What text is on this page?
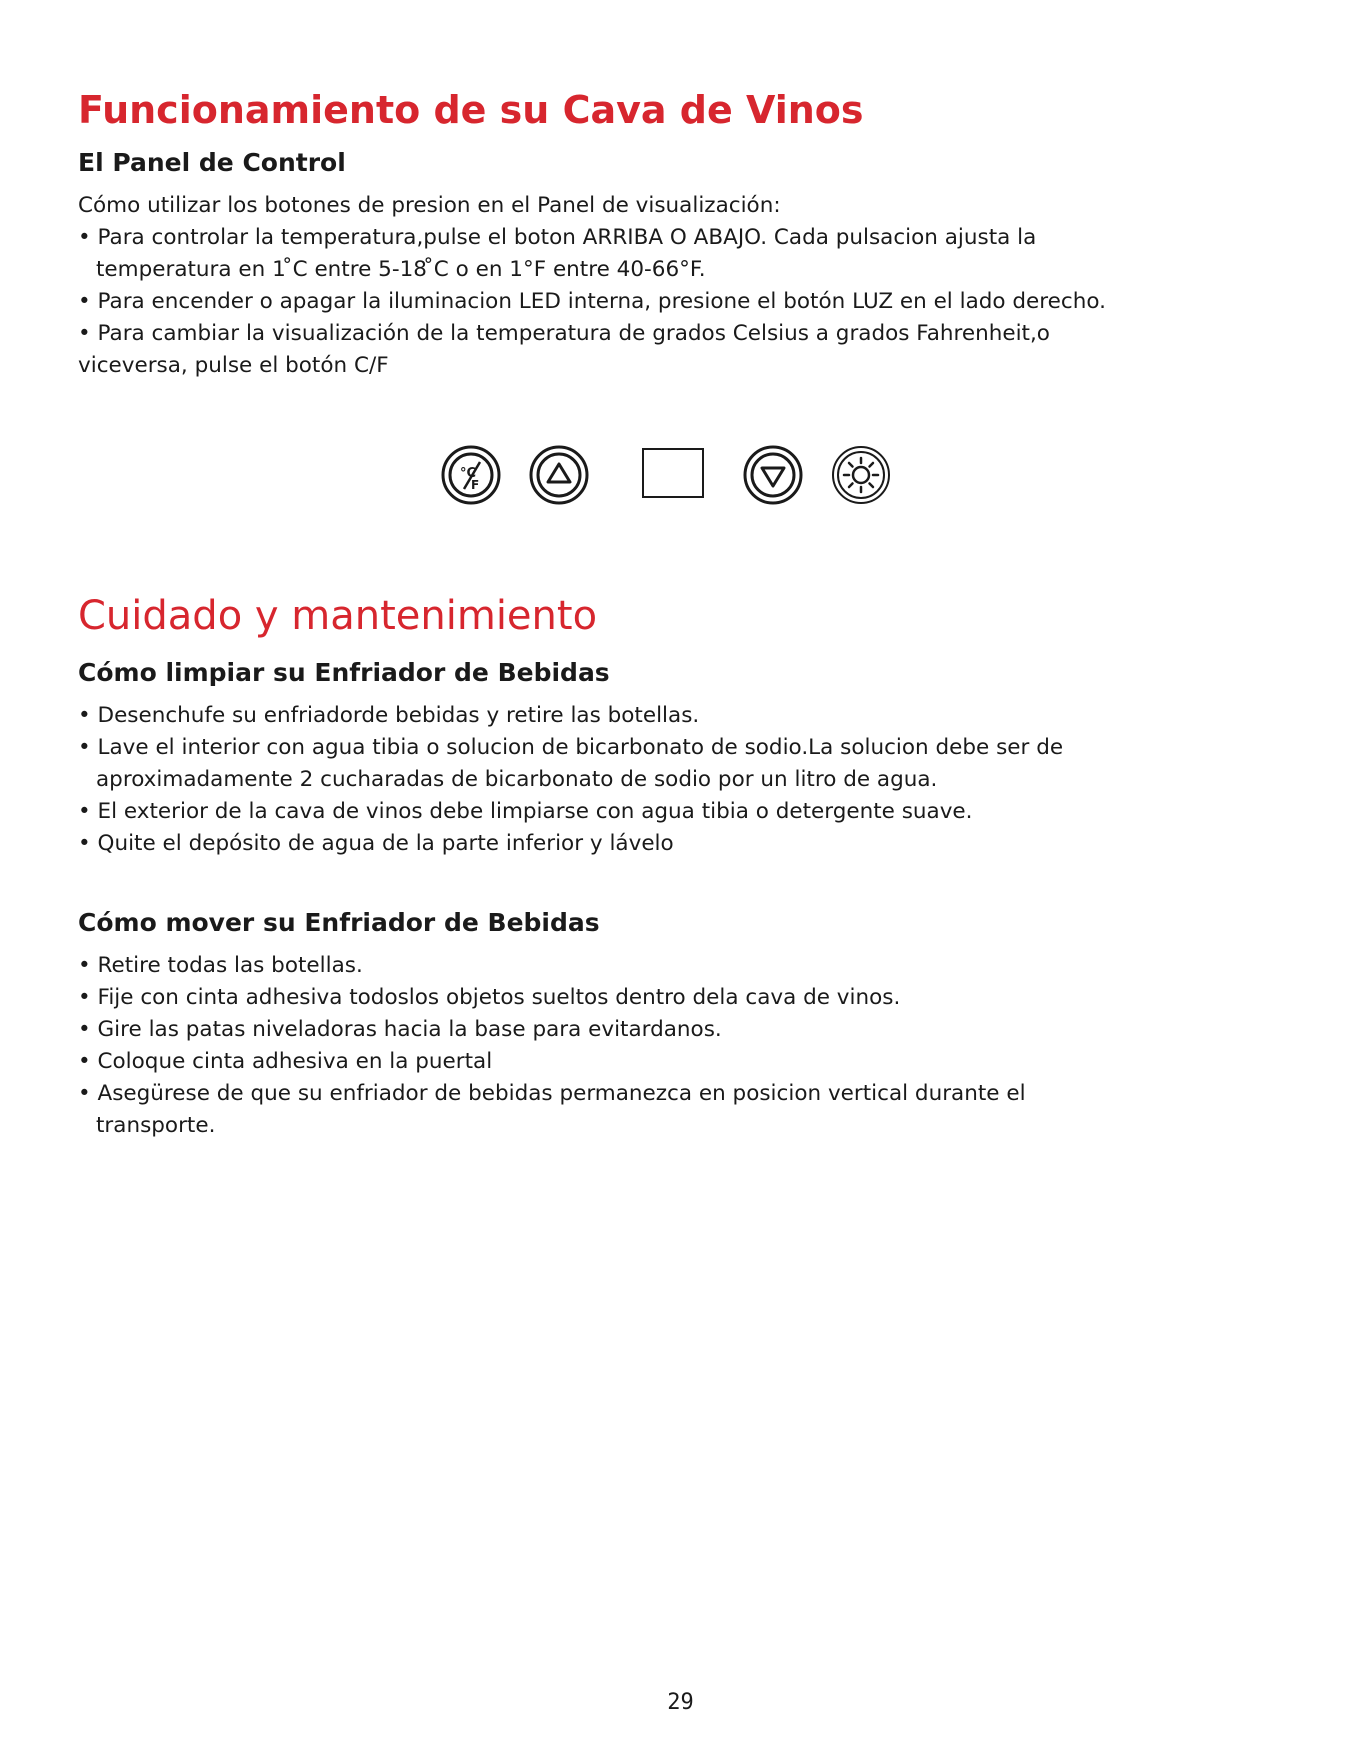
Funcionamiento de su Cava de Vinos
El Panel de Control
Cómo utilizar los botones de presion en el Panel de visualización:
• Para controlar la temperatura,pulse el boton ARRIBA O ABAJO. Cada pulsacion ajusta la
temperatura en 1 ̊C entre 5-18 ̊C o en 1°F entre 40-66°F.
• Para encender o apagar la iluminacion LED interna, presione el botón LUZ en el lado derecho.
• Para cambiar la visualización de la temperatura de grados Celsius a grados Fahrenheit,o
viceversa, pulse el botón C/F
°C
F
Cuidado y mantenimiento
Cómo limpiar su Enfriador de Bebidas
• Desenchufe su enfriadorde bebidas y retire las botellas.
• Lave el interior con agua tibia o solucion de bicarbonato de sodio.La solucion debe ser de
aproximadamente 2 cucharadas de bicarbonato de sodio por un litro de agua.
• El exterior de la cava de vinos debe limpiarse con agua tibia o detergente suave.
• Quite el depósito de agua de la parte inferior y lávelo
Cómo mover su Enfriador de Bebidas
• Retire todas las botellas.
• Fije con cinta adhesiva todoslos objetos sueltos dentro dela cava de vinos.
• Gire las patas niveladoras hacia la base para evitardanos.
• Coloque cinta adhesiva en la puertal
• Asegürese de que su enfriador de bebidas permanezca en posicion vertical durante el
transporte.
29
